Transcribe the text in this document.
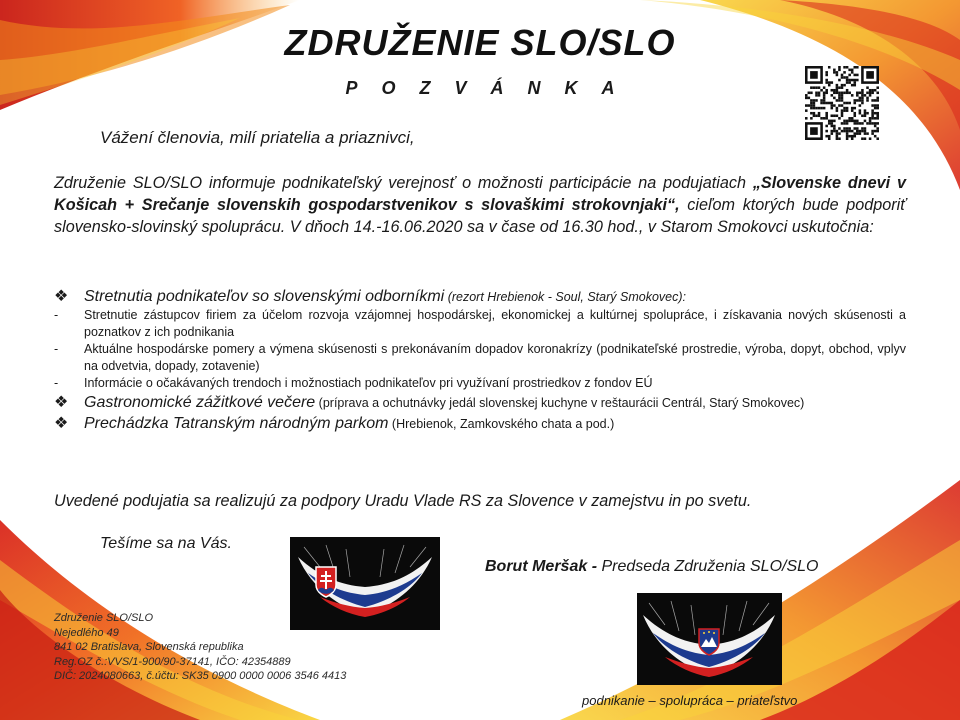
ZDRUŽENIE SLO/SLO
POZVÁNKA
Vážení členovia, milí priatelia a priaznivci,
Združenie SLO/SLO informuje podnikateľský verejnosť o možnosti participácie na podujatiach „Slovenske dnevi v Košicah + Srečanje slovenskih gospodarstvenikov s slovaškimi strokovnjaki“, cieľom ktorých bude podporiť slovensko-slovinský spoluprácu. V dňoch 14.-16.06.2020 sa v čase od 16.30 hod., v Starom Smokovci uskutočnia:
❖ Stretnutia podnikateľov so slovenskými odborníkmi (rezort Hrebienok - Soul, Starý Smokovec):
-	Stretnutie zástupcov firiem za účelom rozvoja vzájomnej hospodárskej, ekonomickej a kultúrnej spolupráce, i získavania nových skúsenosti a poznatkov z ich podnikania
-	Aktuálne hospodárske pomery a výmena skúsenosti s prekonávaním dopadov koronakrízy (podnikateľské prostredie, výroba, dopyt, obchod, vplyv na odvetvia, dopady, zotavenie)
-	Informácie o očakávaných trendoch i možnostiach podnikateľov pri využívaní prostriedkov z fondov EÚ
❖ Gastronomické zážitkové večere (príprava a ochutnávky jedál slovenskej kuchyne v reštaurácii Centrál, Starý Smokovec)
❖ Prechádzka Tatranským národným parkom (Hrebienok, Zamkovského chata a pod.)
Uvedené podujatia sa realizujú za podpory Uradu Vlade RS za Slovence v zamejstvu in po svetu.
Tešíme sa na Vás.
Borut Meršak - Predseda Združenia SLO/SLO
Združenie SLO/SLO
Nejedlého 49
841 02 Bratislava, Slovenská republika
Reg.OZ č.:VVS/1-900/90-37141, IČO: 42354889
DIČ: 2024080663, č.účtu: SK35 0900 0000 0006 3546 4413
podnikanie – spolupráca – priateľstvo
